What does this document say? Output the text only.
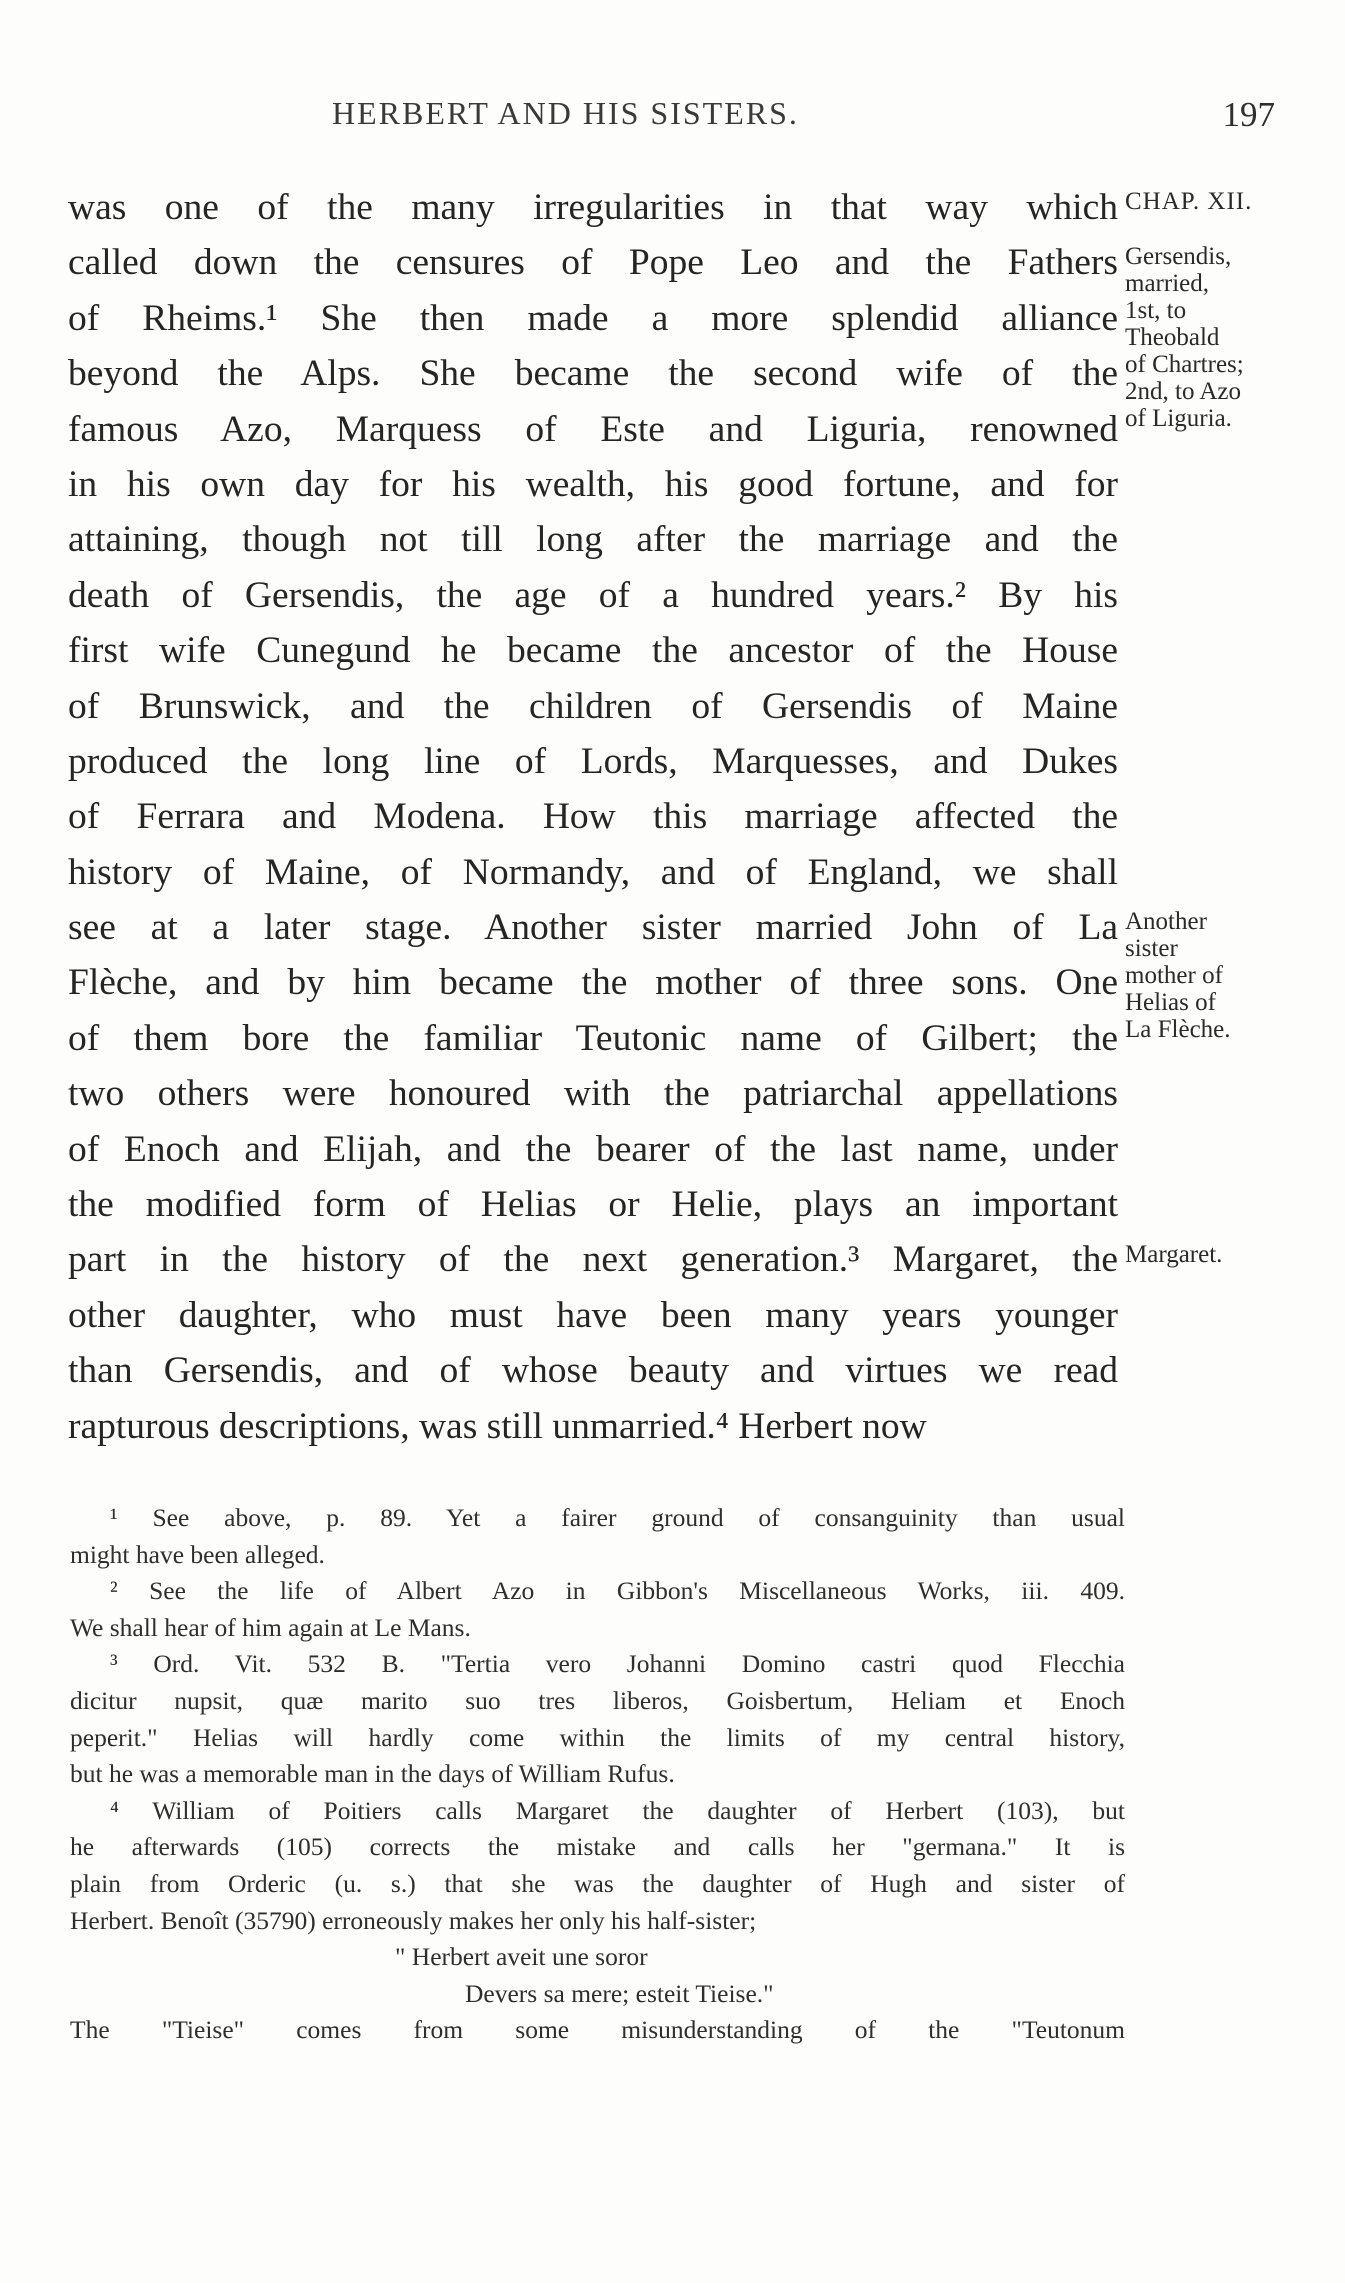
HERBERT AND HIS SISTERS.	197
was one of the many irregularities in that way which
called down the censures of Pope Leo and the Fathers
of Rheims.¹ She then made a more splendid alliance
beyond the Alps. She became the second wife of the
famous Azo, Marquess of Este and Liguria, renowned
in his own day for his wealth, his good fortune, and for
attaining, though not till long after the marriage and the
death of Gersendis, the age of a hundred years.² By his
first wife Cunegund he became the ancestor of the House
of Brunswick, and the children of Gersendis of Maine
produced the long line of Lords, Marquesses, and Dukes
of Ferrara and Modena. How this marriage affected the
history of Maine, of Normandy, and of England, we shall
see at a later stage. Another sister married John of La
Flèche, and by him became the mother of three sons. One
of them bore the familiar Teutonic name of Gilbert; the
two others were honoured with the patriarchal appellations
of Enoch and Elijah, and the bearer of the last name, under
the modified form of Helias or Helie, plays an important
part in the history of the next generation.³ Margaret, the
other daughter, who must have been many years younger
than Gersendis, and of whose beauty and virtues we read
rapturous descriptions, was still unmarried.⁴ Herbert now
CHAP. XII.
Gersendis,
married,
1st, to
Theobald
of Chartres;
2nd, to Azo
of Liguria.
Another
sister
mother of
Helias of
La Flèche.
Margaret.
¹ See above, p. 89. Yet a fairer ground of consanguinity than usual
might have been alleged.
² See the life of Albert Azo in Gibbon's Miscellaneous Works, iii. 409.
We shall hear of him again at Le Mans.
³ Ord. Vit. 532 B. "Tertia vero Johanni Domino castri quod Flecchia
dicitur nupsit, quæ marito suo tres liberos, Goisbertum, Heliam et Enoch
peperit." Helias will hardly come within the limits of my central history,
but he was a memorable man in the days of William Rufus.
⁴ William of Poitiers calls Margaret the daughter of Herbert (103), but
he afterwards (105) corrects the mistake and calls her "germana." It is
plain from Orderic (u. s.) that she was the daughter of Hugh and sister of
Herbert. Benoît (35790) erroneously makes her only his half-sister;
" Herbert aveit une soror
Devers sa mere; esteit Tieise."
The "Tieise" comes from some misunderstanding of the "Teutonum
